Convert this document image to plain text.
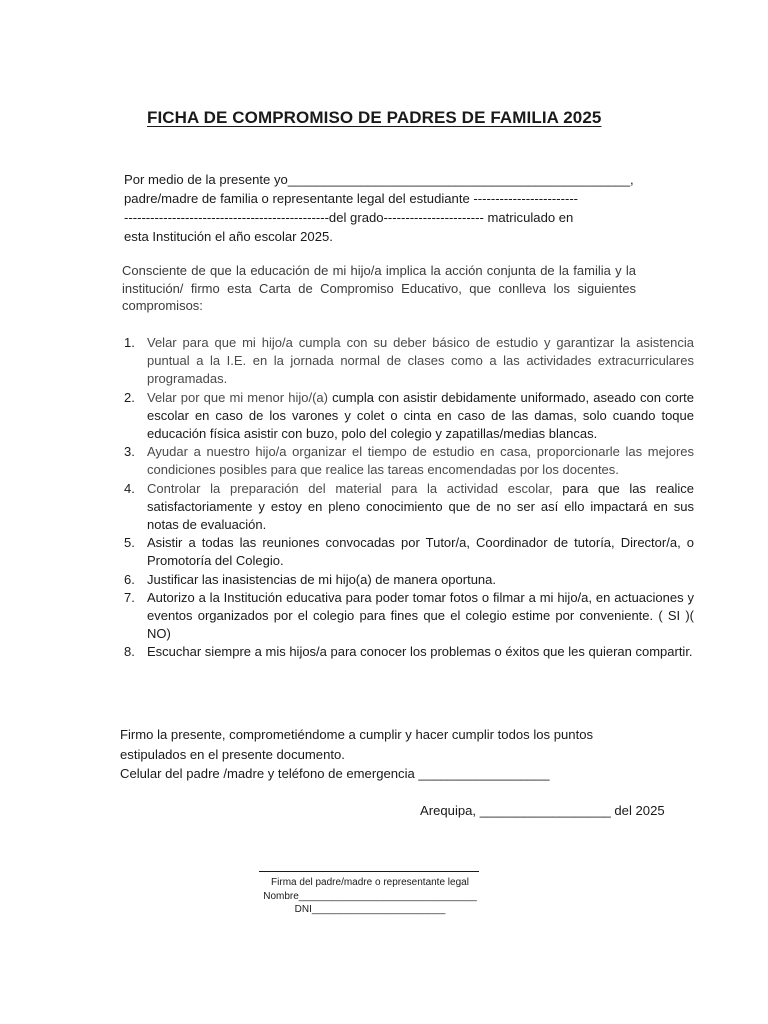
FICHA DE COMPROMISO DE PADRES DE FAMILIA 2025
Por medio de la presente yo_______________________________________________,
padre/madre de familia o representante legal del estudiante ------------------------
-----------------------------------------------del grado----------------------- matriculado en
esta Institución el año escolar 2025.
Consciente de que la educación de mi hijo/a implica la acción conjunta de la familia y la institución/ firmo esta Carta de Compromiso Educativo, que conlleva los siguientes compromisos:
1. Velar para que mi hijo/a cumpla con su deber básico de estudio y garantizar la asistencia puntual a la I.E. en la jornada normal de clases como a las actividades extracurriculares programadas.
2. Velar por que mi menor hijo/(a) cumpla con asistir debidamente uniformado, aseado con corte escolar en caso de los varones y colet o cinta en caso de las damas, solo cuando toque educación física asistir con buzo, polo del colegio y zapatillas/medias blancas.
3. Ayudar a nuestro hijo/a organizar el tiempo de estudio en casa, proporcionarle las mejores condiciones posibles para que realice las tareas encomendadas por los docentes.
4. Controlar la preparación del material para la actividad escolar, para que las realice satisfactoriamente y estoy en pleno conocimiento que de no ser así ello impactará en sus notas de evaluación.
5. Asistir a todas las reuniones convocadas por Tutor/a, Coordinador de tutoría, Director/a, o Promotoría del Colegio.
6. Justificar las inasistencias de mi hijo(a) de manera oportuna.
7. Autorizo a la Institución educativa para poder tomar fotos o filmar a mi hijo/a, en actuaciones y eventos organizados por el colegio para fines que el colegio estime por conveniente. ( SI )( NO)
8. Escuchar siempre a mis hijos/a para conocer los problemas o éxitos que les quieran compartir.
Firmo la presente, comprometiéndome a cumplir y hacer cumplir todos los puntos
estipulados en el presente documento.
Celular del padre /madre y teléfono de emergencia __________________
Arequipa, __________________ del 2025
Firma del padre/madre o representante legal
Nombre________________________________
DNI________________________
